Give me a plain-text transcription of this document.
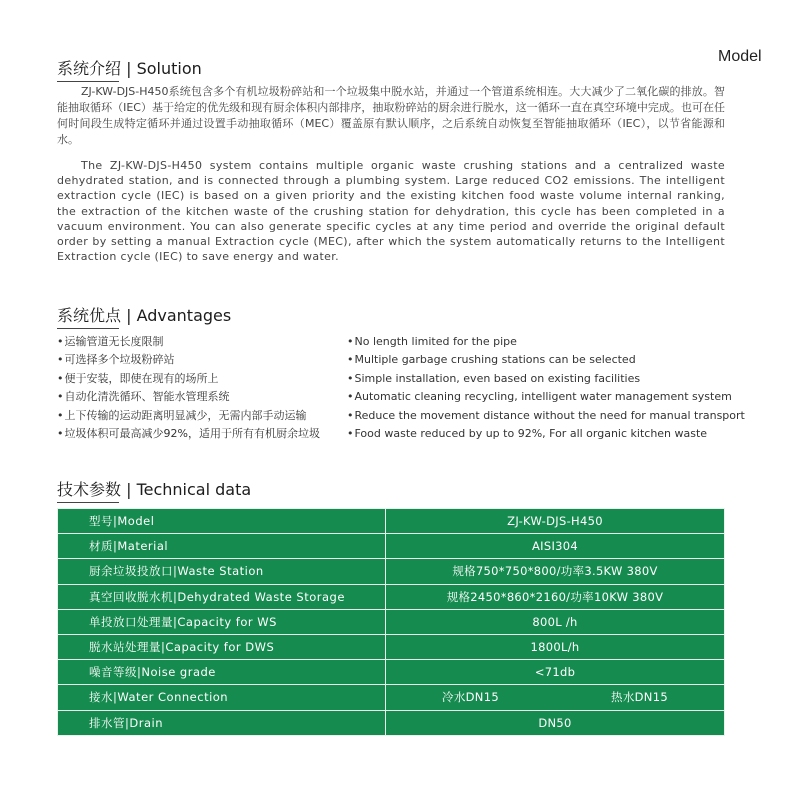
Model
系统介绍 | Solution
ZJ-KW-DJS-H450系统包含多个有机垃圾粉碎站和一个垃圾集中脱水站，并通过一个管道系统相连。大大减少了二氧化碳的排放。智能抽取循环（IEC）基于给定的优先级和现有厨余体积内部排序，抽取粉碎站的厨余进行脱水，这一循环一直在真空环境中完成。也可在任何时间段生成特定循环并通过设置手动抽取循环（MEC）覆盖原有默认顺序，之后系统自动恢复至智能抽取循环（IEC），以节省能源和水。
The ZJ-KW-DJS-H450 system contains multiple organic waste crushing stations and a centralized waste dehydrated station, and is connected through a plumbing system. Large reduced CO2 emissions. The intelligent extraction cycle (IEC) is based on a given priority and the existing kitchen food waste volume internal ranking, the extraction of the kitchen waste of the crushing station for dehydration, this cycle has been completed in a vacuum environment. You can also generate specific cycles at any time period and override the original default order by setting a manual Extraction cycle (MEC), after which the system automatically returns to the Intelligent Extraction cycle (IEC) to save energy and water.
系统优点 | Advantages
• 运输管道无长度限制
• 可选择多个垃圾粉碎站
• 便于安装，即使在现有的场所上
• 自动化清洗循环、智能水管理系统
• 上下传输的运动距离明显减少，无需内部手动运输
• 垃圾体积可最高减少92%，适用于所有有机厨余垃圾
• No length limited for the pipe
• Multiple garbage crushing stations can be selected
• Simple installation, even based on existing facilities
• Automatic cleaning recycling, intelligent water management system
• Reduce the movement distance without the need for manual transport
• Food waste reduced by up to 92%, For all organic kitchen waste
技术参数 | Technical data
型号|Model	ZJ-KW-DJS-H450
材质|Material	AISI304
厨余垃圾投放口|Waste Station	规格750*750*800/功率3.5KW 380V
真空回收脱水机|Dehydrated Waste Storage	规格2450*860*2160/功率10KW 380V
单投放口处理量|Capacity for WS	800L /h
脱水站处理量|Capacity for DWS	1800L/h
噪音等级|Noise grade	<71db
接水|Water Connection	冷水DN15 热水DN15
排水管|Drain	DN50
